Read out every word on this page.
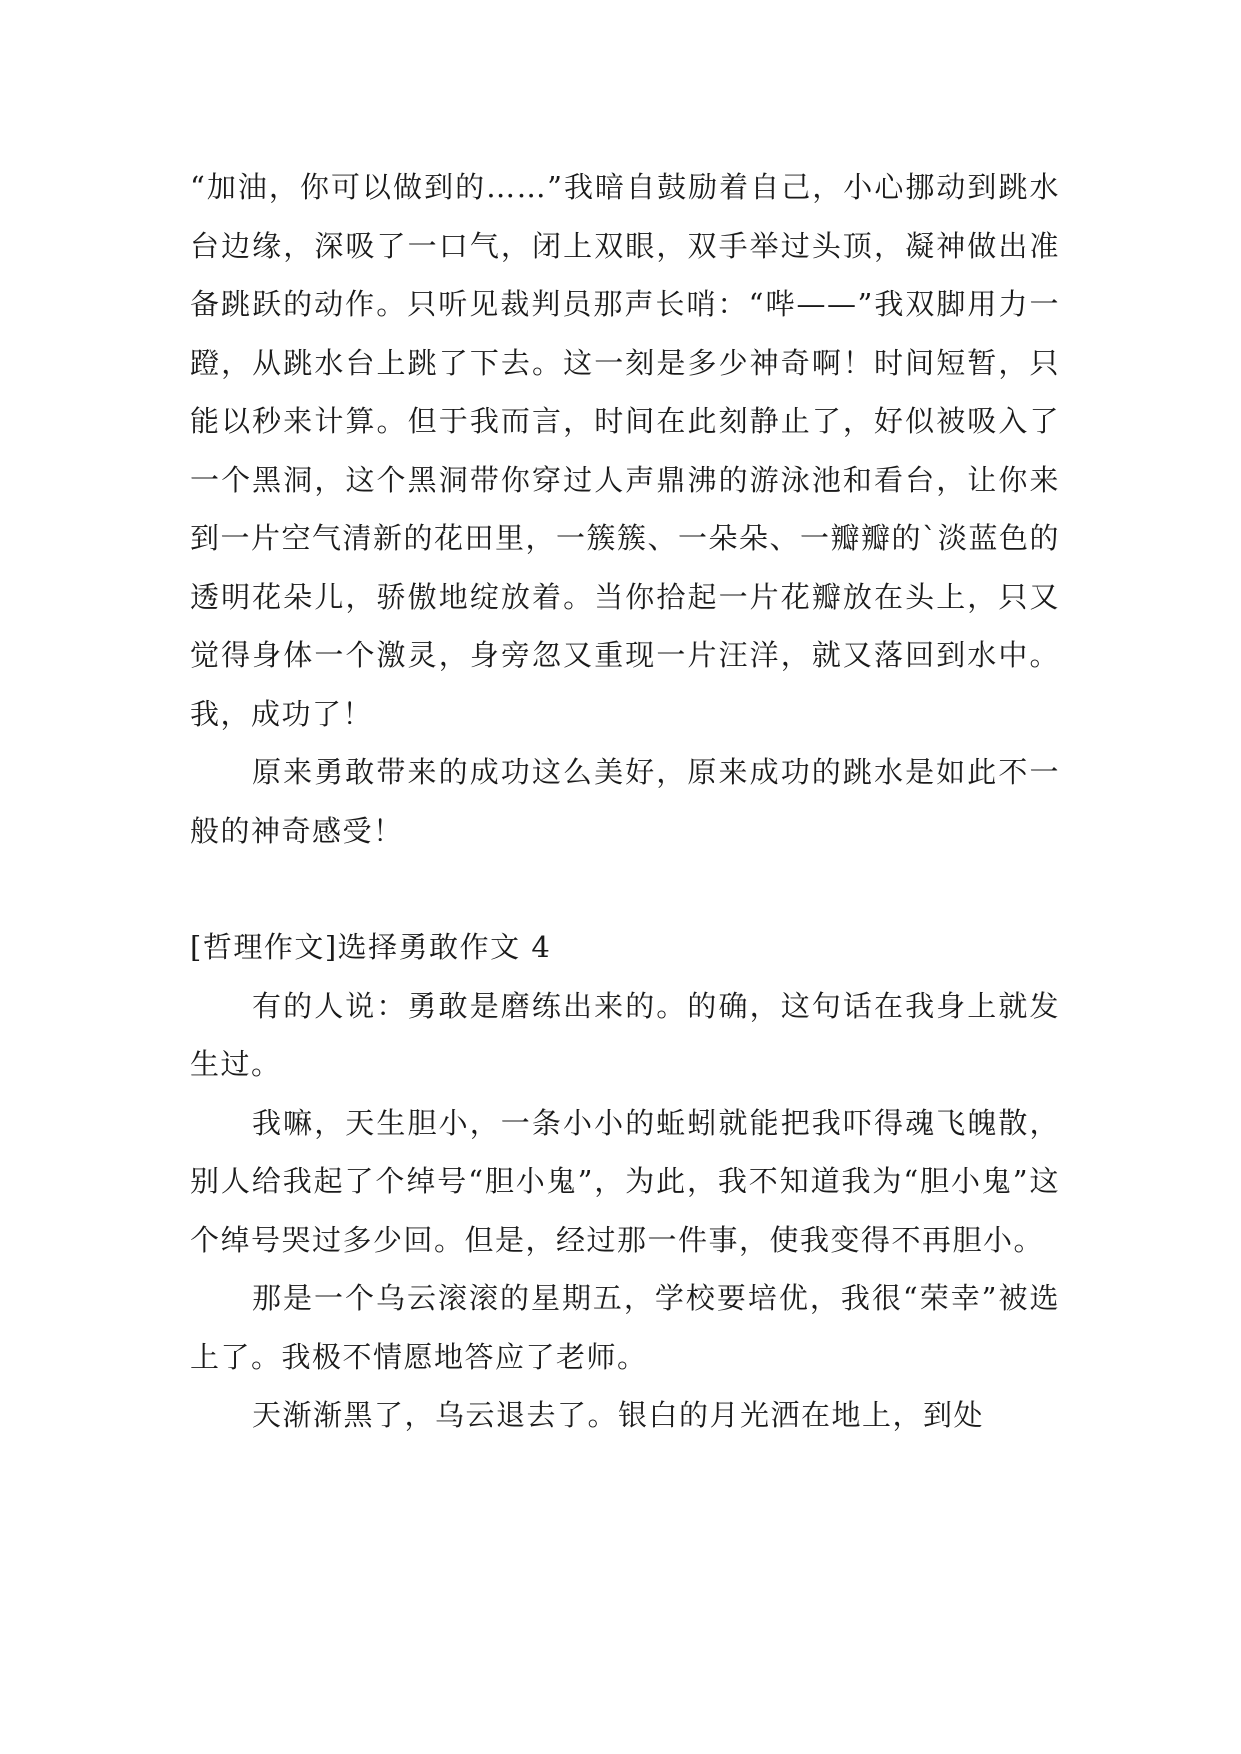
“加油，你可以做到的……”我暗自鼓励着自己，小心挪动到跳水台边缘，深吸了一口气，闭上双眼，双手举过头顶，凝神做出准备跳跃的动作。只听见裁判员那声长哨：“哔——”我双脚用力一蹬，从跳水台上跳了下去。这一刻是多少神奇啊！时间短暂，只能以秒来计算。但于我而言，时间在此刻静止了，好似被吸入了一个黑洞，这个黑洞带你穿过人声鼎沸的游泳池和看台，让你来到一片空气清新的花田里，一簇簇、一朵朵、一瓣瓣的`淡蓝色的透明花朵儿，骄傲地绽放着。当你拾起一片花瓣放在头上，只又觉得身体一个激灵，身旁忽又重现一片汪洋，就又落回到水中。我，成功了！

原来勇敢带来的成功这么美好，原来成功的跳水是如此不一般的神奇感受！

[哲理作文]选择勇敢作文 4

有的人说：勇敢是磨练出来的。的确，这句话在我身上就发生过。

我嘛，天生胆小，一条小小的蚯蚓就能把我吓得魂飞魄散，别人给我起了个绰号“胆小鬼”，为此，我不知道我为“胆小鬼”这个绰号哭过多少回。但是，经过那一件事，使我变得不再胆小。

那是一个乌云滚滚的星期五，学校要培优，我很“荣幸”被选上了。我极不情愿地答应了老师。

天渐渐黑了，乌云退去了。银白的月光洒在地上，到处
